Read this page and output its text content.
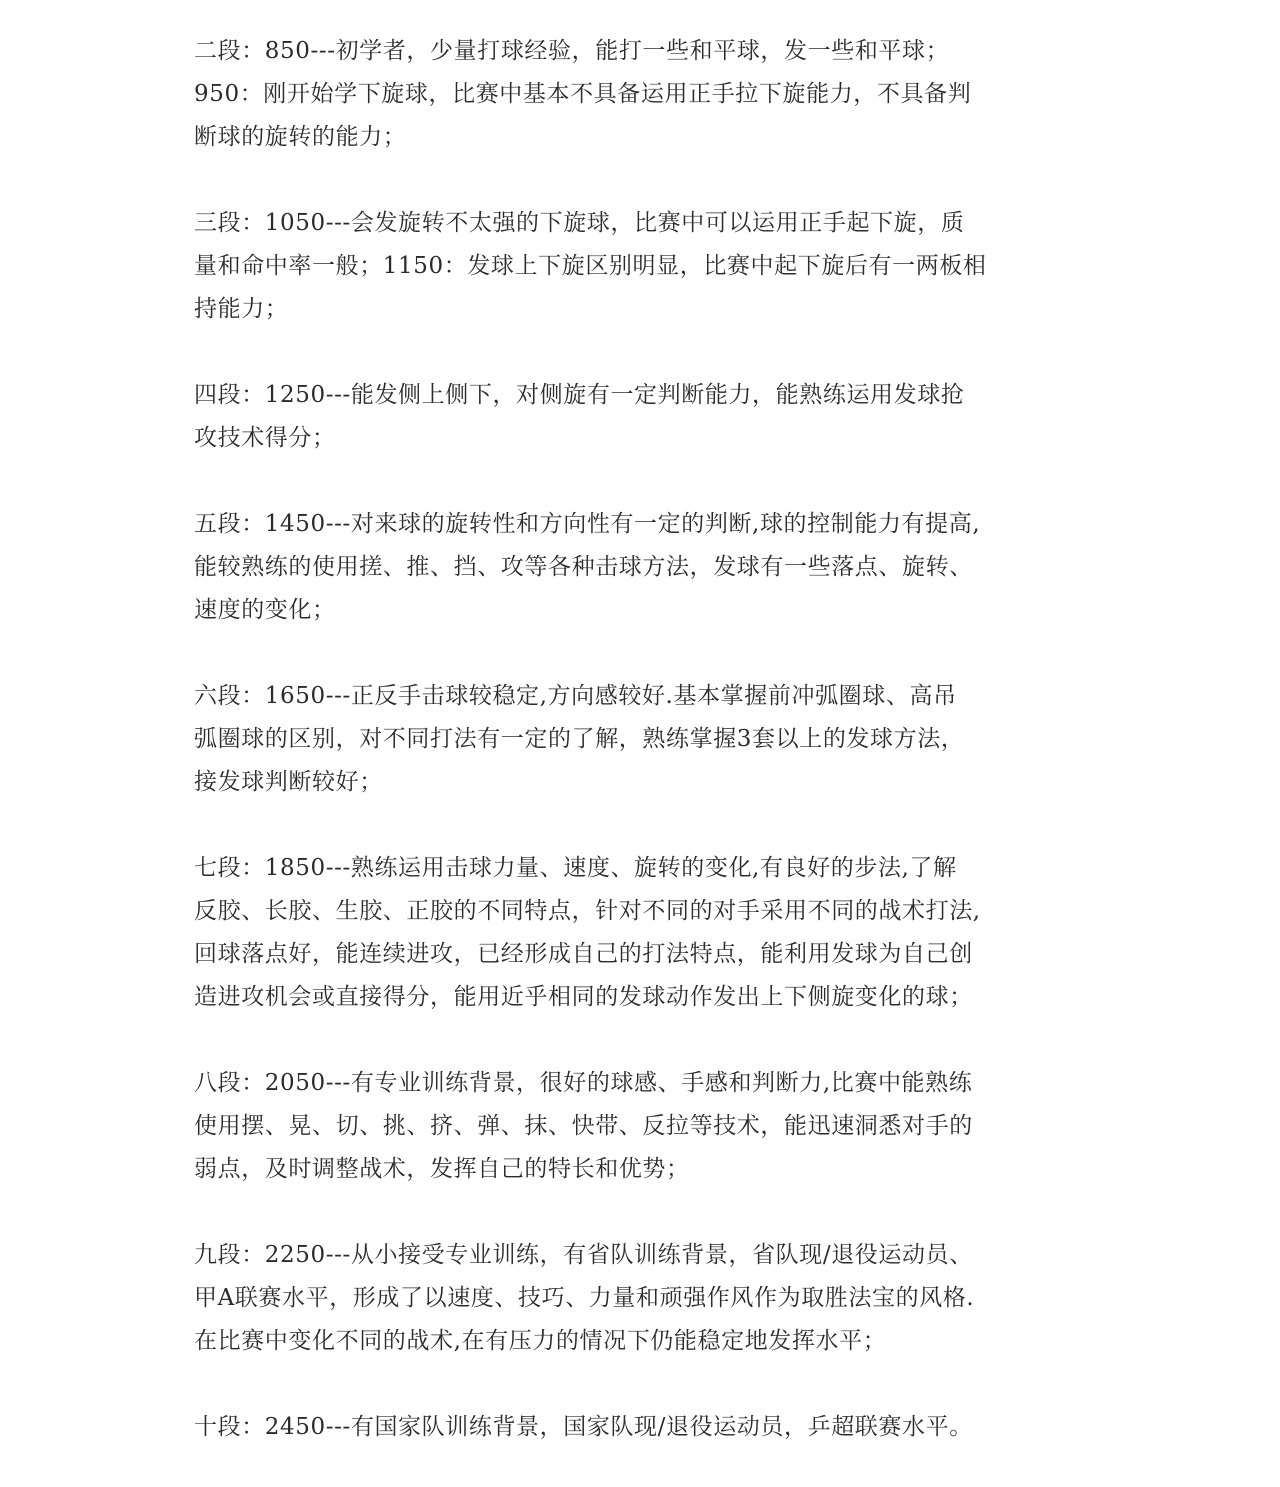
二段：850---初学者，少量打球经验，能打一些和平球，发一些和平球；
950：刚开始学下旋球，比赛中基本不具备运用正手拉下旋能力，不具备判
断球的旋转的能力；

三段：1050---会发旋转不太强的下旋球，比赛中可以运用正手起下旋，质
量和命中率一般；1150：发球上下旋区别明显，比赛中起下旋后有一两板相
持能力；

四段：1250---能发侧上侧下，对侧旋有一定判断能力，能熟练运用发球抢
攻技术得分；

五段：1450---对来球的旋转性和方向性有一定的判断,球的控制能力有提高,
能较熟练的使用搓、推、挡、攻等各种击球方法，发球有一些落点、旋转、
速度的变化；

六段：1650---正反手击球较稳定,方向感较好.基本掌握前冲弧圈球、高吊
弧圈球的区别，对不同打法有一定的了解，熟练掌握3套以上的发球方法，
接发球判断较好；

七段：1850---熟练运用击球力量、速度、旋转的变化,有良好的步法,了解
反胶、长胶、生胶、正胶的不同特点，针对不同的对手采用不同的战术打法,
回球落点好，能连续进攻，已经形成自己的打法特点，能利用发球为自己创
造进攻机会或直接得分，能用近乎相同的发球动作发出上下侧旋变化的球；

八段：2050---有专业训练背景，很好的球感、手感和判断力,比赛中能熟练
使用摆、晃、切、挑、挤、弹、抹、快带、反拉等技术，能迅速洞悉对手的
弱点，及时调整战术，发挥自己的特长和优势；

九段：2250---从小接受专业训练，有省队训练背景，省队现/退役运动员、
甲A联赛水平，形成了以速度、技巧、力量和顽强作风作为取胜法宝的风格.
在比赛中变化不同的战术,在有压力的情况下仍能稳定地发挥水平；

十段：2450---有国家队训练背景，国家队现/退役运动员，乒超联赛水平。
